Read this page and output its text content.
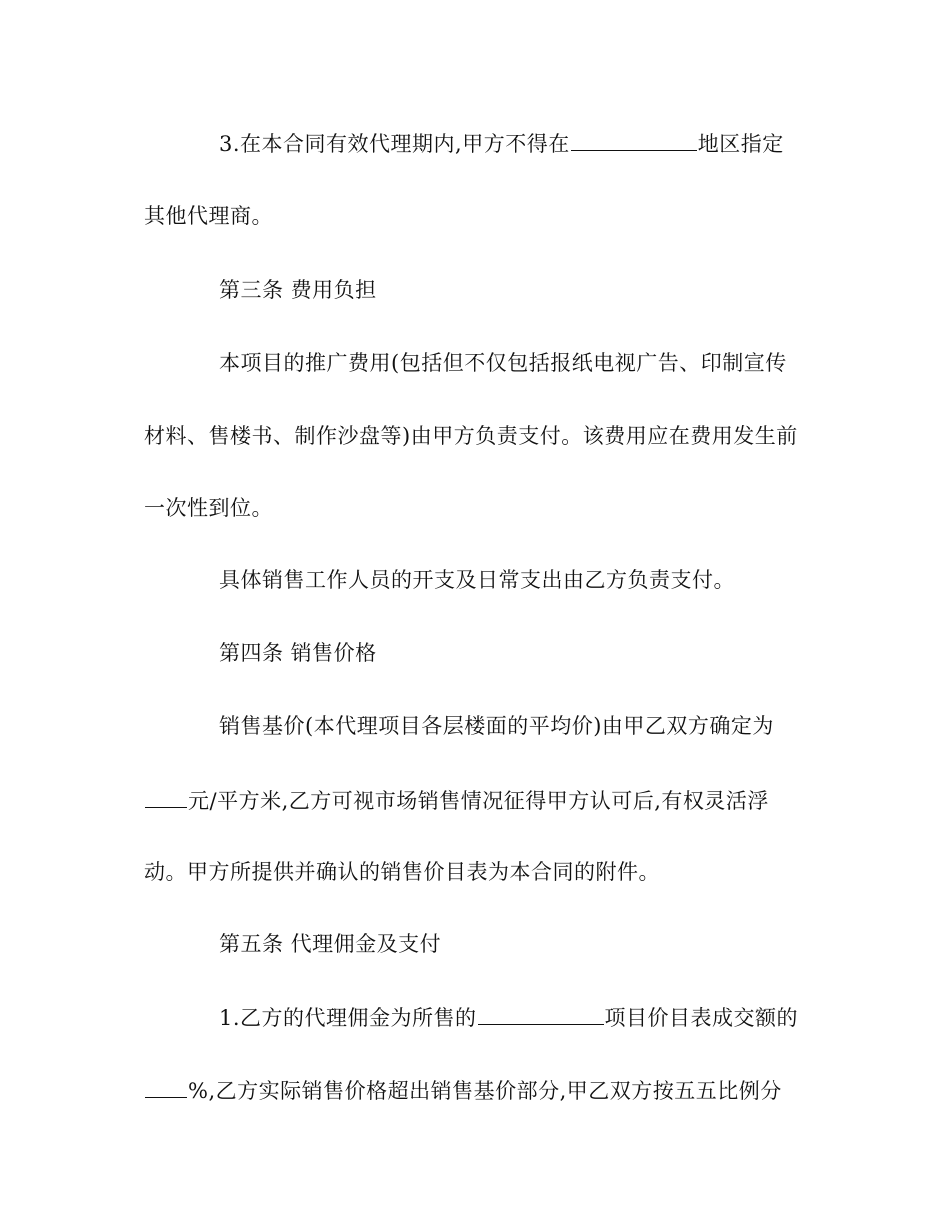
3.在本合同有效代理期内,甲方不得在	地区指定
其他代理商。
第三条 费用负担
本项目的推广费用(包括但不仅包括报纸电视广告、印制宣传
材料、售楼书、制作沙盘等)由甲方负责支付。该费用应在费用发生前
一次性到位。
具体销售工作人员的开支及日常支出由乙方负责支付。
第四条 销售价格
销售基价(本代理项目各层楼面的平均价)由甲乙双方确定为
元/平方米,乙方可视市场销售情况征得甲方认可后,有权灵活浮
动。甲方所提供并确认的销售价目表为本合同的附件。
第五条 代理佣金及支付
1.乙方的代理佣金为所售的	项目价目表成交额的
%,乙方实际销售价格超出销售基价部分,甲乙双方按五五比例分
